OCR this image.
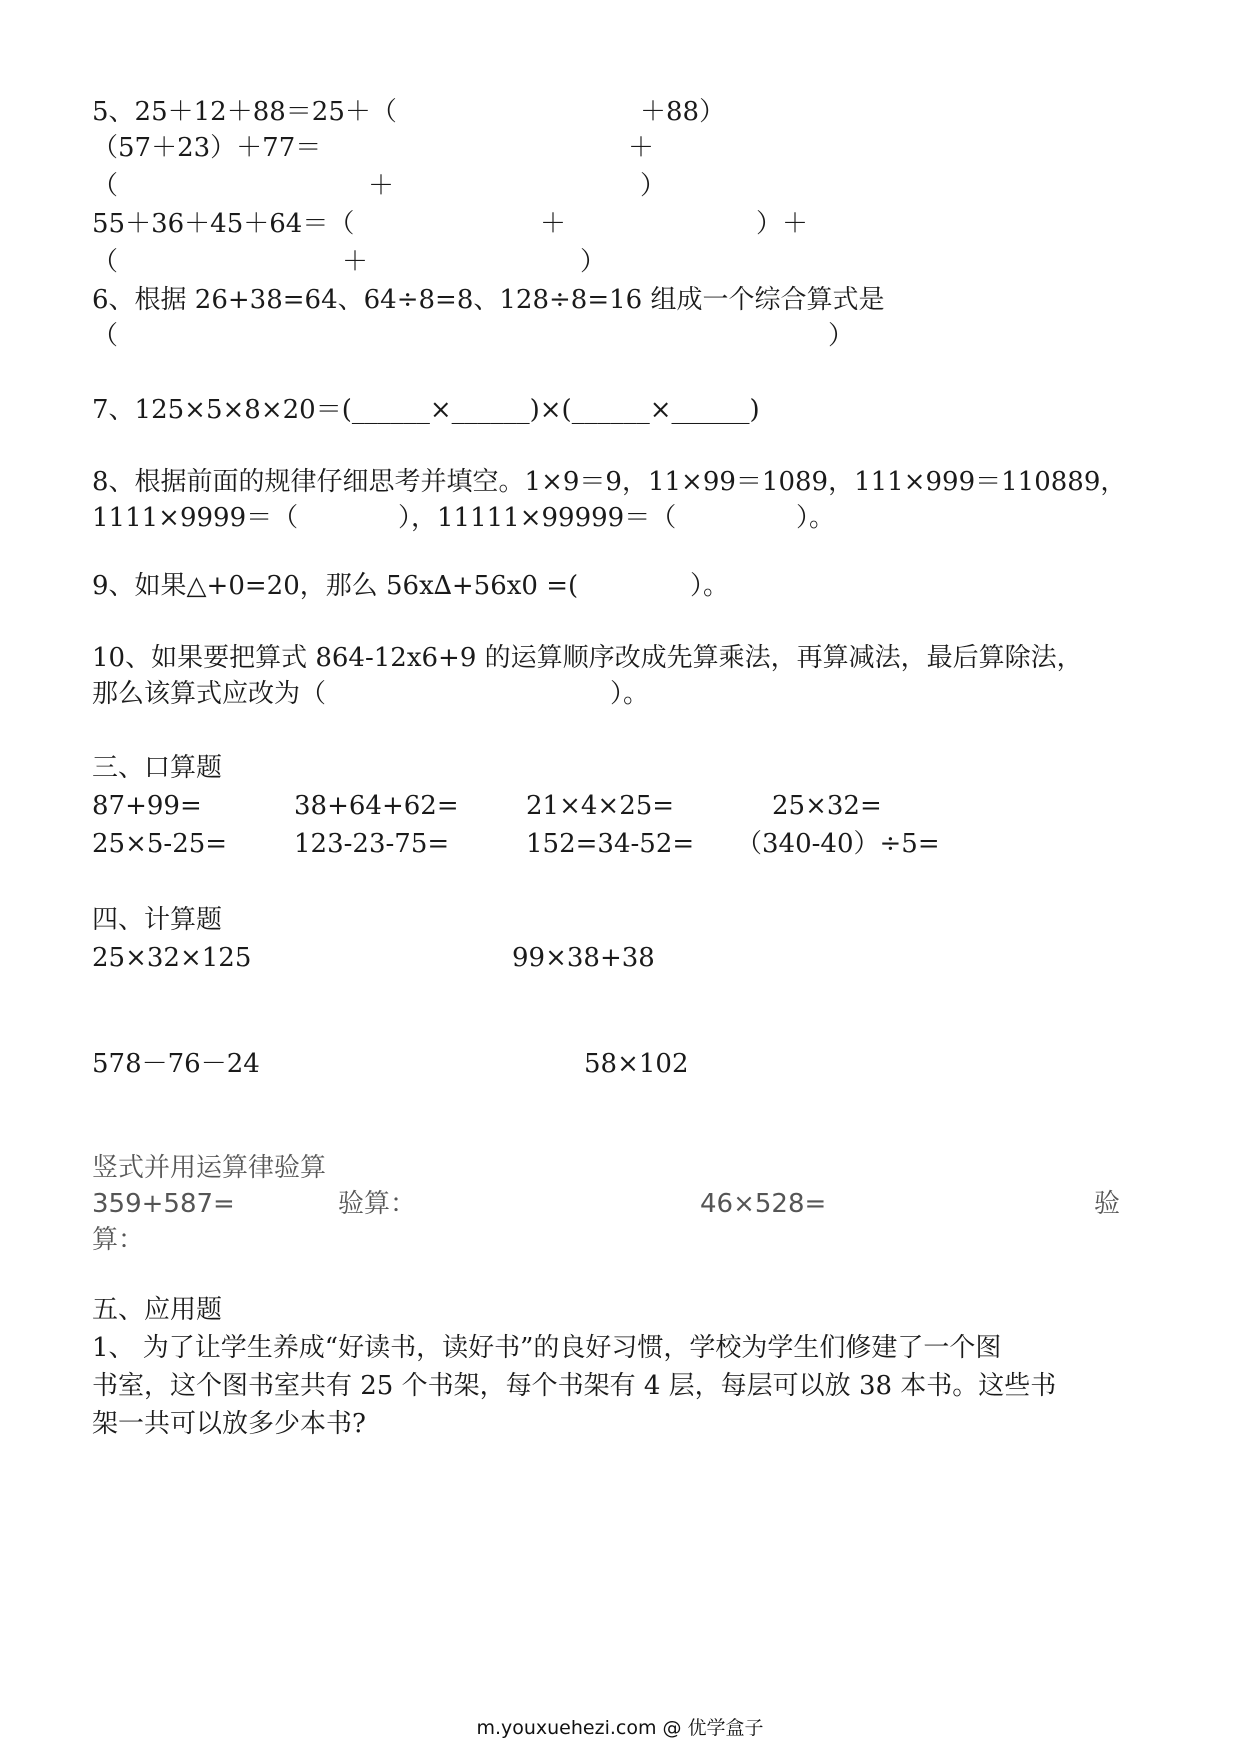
5、25＋12＋88＝25＋（	＋88）
（57＋23）＋77＝	＋
（	＋	）
55＋36＋45＋64＝（	＋	）＋
（	＋	）
6、根据 26+38=64、64÷8=8、128÷8=16 组成一个综合算式是
（	）
7、125×5×8×20＝(______×______)×(______×______)
8、根据前面的规律仔细思考并填空。1×9＝9，11×99＝1089，111×999＝110889，
1111×9999＝（	），11111×99999＝（	）。
9、如果△+0=20，那么 56x∆+56x0 =(	）。
10、如果要把算式 864-12x6+9 的运算顺序改成先算乘法，再算减法，最后算除法，
那么该算式应改为（	）。
三、口算题
87+99=	38+64+62=	21×4×25=	25×32=
25×5-25=	123-23-75=	152=34-52= （340-40）÷5=
四、计算题
25×32×125	99×38+38
578－76－24	58×102
竖式并用运算律验算
359+587=	验算：	46×528=	验
算：
五、应用题
1、 为了让学生养成“好读书，读好书”的良好习惯，学校为学生们修建了一个图
书室，这个图书室共有 25 个书架，每个书架有 4 层，每层可以放 38 本书。这些书
架一共可以放多少本书?
m.youxuehezi.com @ 优学盒子
